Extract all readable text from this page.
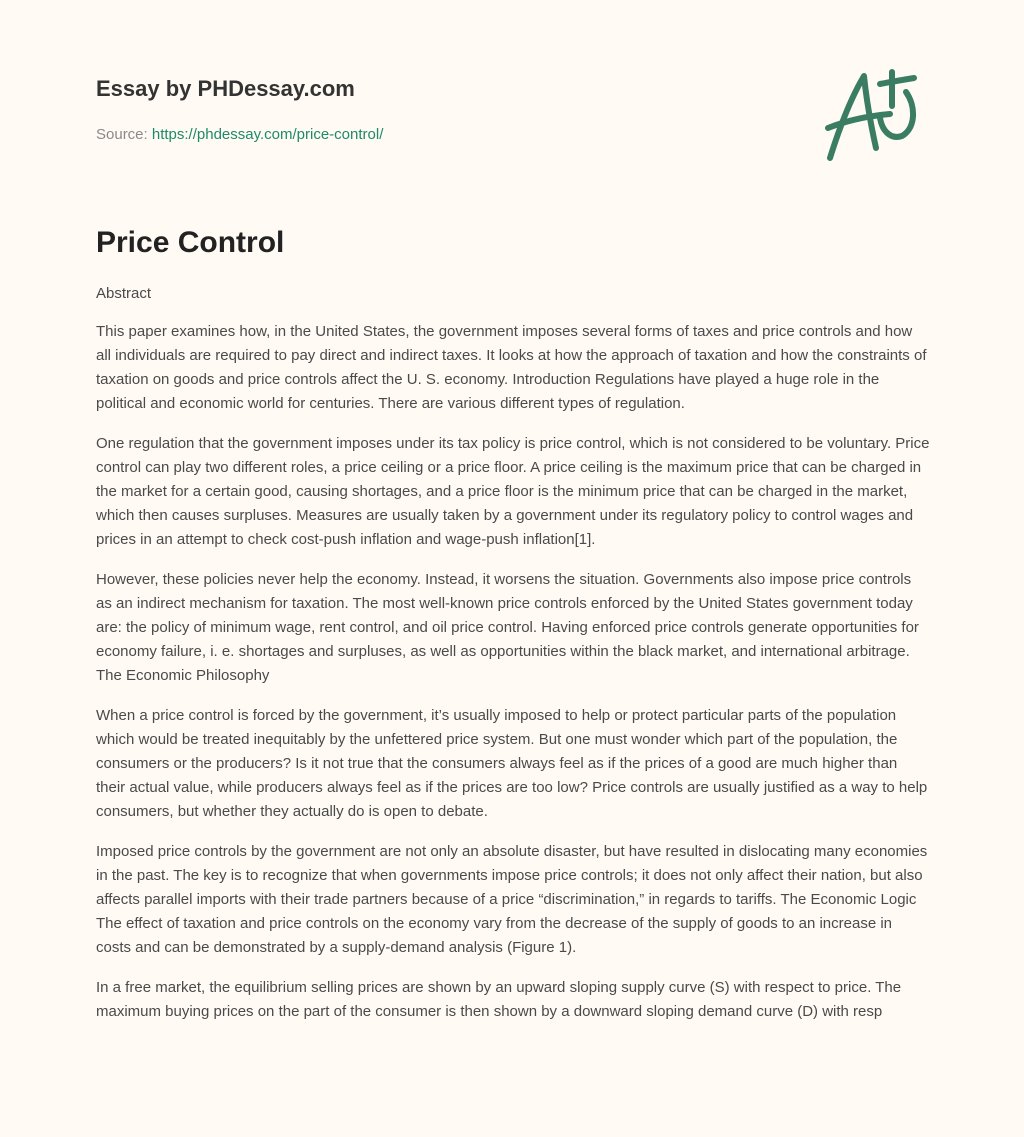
Essay by PHDessay.com
Source: https://phdessay.com/price-control/
Price Control
Abstract

This paper examines how, in the United States, the government imposes several forms of taxes and price controls and how all individuals are required to pay direct and indirect taxes. It looks at how the approach of taxation and how the constraints of taxation on goods and price controls affect the U. S. economy. Introduction Regulations have played a huge role in the political and economic world for centuries. There are various different types of regulation.

One regulation that the government imposes under its tax policy is price control, which is not considered to be voluntary. Price control can play two different roles, a price ceiling or a price floor. A price ceiling is the maximum price that can be charged in the market for a certain good, causing shortages, and a price floor is the minimum price that can be charged in the market, which then causes surpluses. Measures are usually taken by a government under its regulatory policy to control wages and prices in an attempt to check cost-push inflation and wage-push inflation[1].

However, these policies never help the economy. Instead, it worsens the situation. Governments also impose price controls as an indirect mechanism for taxation. The most well-known price controls enforced by the United States government today are: the policy of minimum wage, rent control, and oil price control. Having enforced price controls generate opportunities for economy failure, i. e. shortages and surpluses, as well as opportunities within the black market, and international arbitrage. The Economic Philosophy

When a price control is forced by the government, it’s usually imposed to help or protect particular parts of the population which would be treated inequitably by the unfettered price system. But one must wonder which part of the population, the consumers or the producers? Is it not true that the consumers always feel as if the prices of a good are much higher than their actual value, while producers always feel as if the prices are too low? Price controls are usually justified as a way to help consumers, but whether they actually do is open to debate.

Imposed price controls by the government are not only an absolute disaster, but have resulted in dislocating many economies in the past. The key is to recognize that when governments impose price controls; it does not only affect their nation, but also affects parallel imports with their trade partners because of a price “discrimination,” in regards to tariffs. The Economic Logic The effect of taxation and price controls on the economy vary from the decrease of the supply of goods to an increase in costs and can be demonstrated by a supply-demand analysis (Figure 1).

In a free market, the equilibrium selling prices are shown by an upward sloping supply curve (S) with respect to price. The maximum buying prices on the part of the consumer is then shown by a downward sloping demand curve (D) with resp
